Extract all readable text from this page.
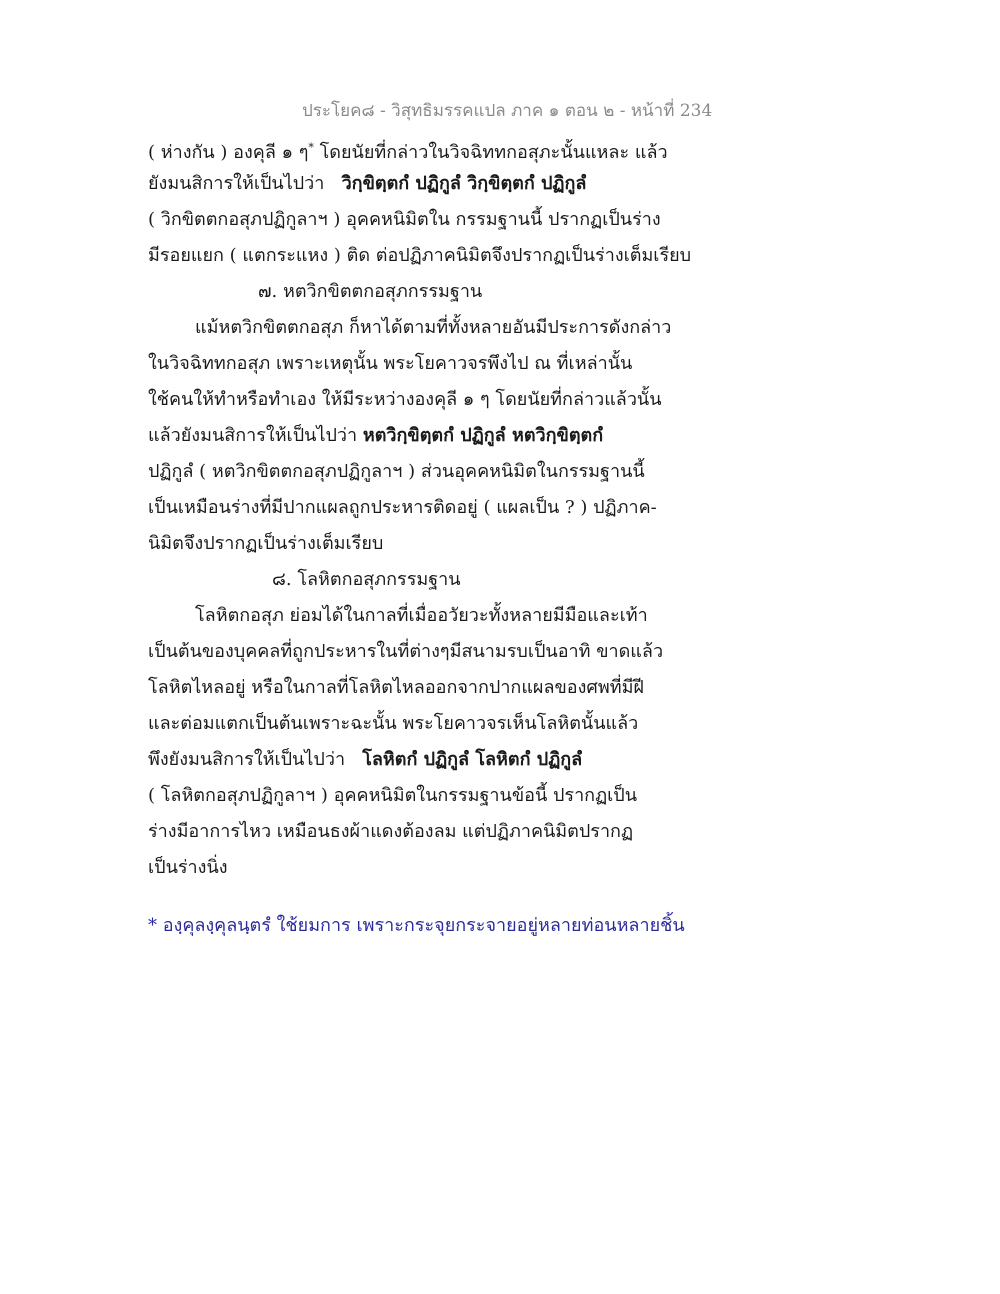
ประโยค๘ - วิสุทธิมรรคแปล ภาค ๑ ตอน ๒ - หน้าที่ 234
( ห่างกัน ) องคุลี ๑ ๆ* โดยนัยที่กล่าวในวิจฉิททกอสุภะนั้นแหละ แล้ว
ยังมนสิการให้เป็นไปว่า วิกฺขิตฺตกํ ปฏิกูลํ วิกฺขิตฺตกํ ปฏิกูลํ
( วิกขิตตกอสุภปฏิกูลาฯ ) อุคคหนิมิตใน กรรมฐานนี้ ปรากฏเป็นร่าง
มีรอยแยก ( แตกระแหง ) ติด ต่อปฏิภาคนิมิตจึงปรากฏเป็นร่างเต็มเรียบ
๗. หตวิกขิตตกอสุภกรรมฐาน
แม้หตวิกขิตตกอสุภ ก็หาได้ตามที่ทั้งหลายอันมีประการดังกล่าว
ในวิจฉิททกอสุภ เพราะเหตุนั้น พระโยคาวจรพึงไป ณ ที่เหล่านั้น
ใช้คนให้ทำหรือทำเอง ให้มีระหว่างองคุลี ๑ ๆ โดยนัยที่กล่าวแล้วนั้น
แล้วยังมนสิการให้เป็นไปว่า หตวิกฺขิตฺตกํ ปฏิกูลํ หตวิกฺขิตฺตกํ
ปฏิกูลํ ( หตวิกขิตตกอสุภปฏิกูลาฯ ) ส่วนอุคคหนิมิตในกรรมฐานนี้
เป็นเหมือนร่างที่มีปากแผลถูกประหารติดอยู่ ( แผลเป็น ? ) ปฏิภาค-
นิมิตจึงปรากฏเป็นร่างเต็มเรียบ
๘. โลหิตกอสุภกรรมฐาน
โลหิตกอสุภ ย่อมได้ในกาลที่เมื่ออวัยวะทั้งหลายมีมือและเท้า
เป็นต้นของบุคคลที่ถูกประหารในที่ต่างๆมีสนามรบเป็นอาทิ ขาดแล้ว
โลหิตไหลอยู่ หรือในกาลที่โลหิตไหลออกจากปากแผลของศพที่มีฝี
และต่อมแตกเป็นต้นเพราะฉะนั้น พระโยคาวจรเห็นโลหิตนั้นแล้ว
พึงยังมนสิการให้เป็นไปว่า โลหิตกํ ปฏิกูลํ โลหิตกํ ปฏิกูลํ
( โลหิตกอสุภปฏิกูลาฯ ) อุคคหนิมิตในกรรมฐานข้อนี้ ปรากฏเป็น
ร่างมีอาการไหว เหมือนธงผ้าแดงต้องลม แต่ปฏิภาคนิมิตปรากฏ
เป็นร่างนิ่ง
* องฺคุลงฺคุลนฺตรํ ใช้ยมการ เพราะกระจุยกระจายอยู่หลายท่อนหลายชิ้น
